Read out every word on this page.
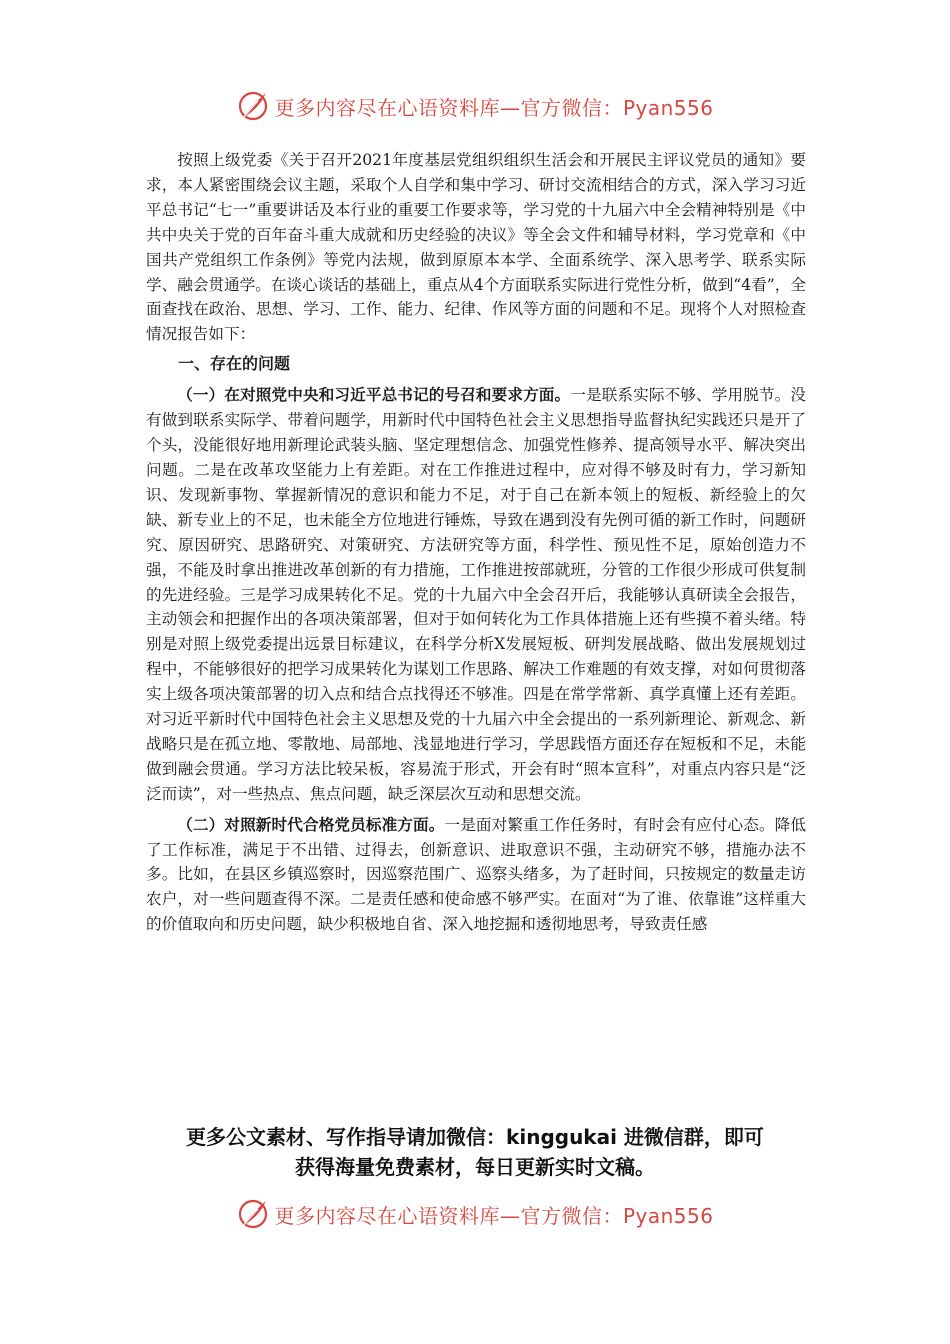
更多内容尽在心语资料库—官方微信：Pyan556

按照上级党委《关于召开2021年度基层党组织组织生活会和开展民主评议党员的通知》要求，本人紧密围绕会议主题，采取个人自学和集中学习、研讨交流相结合的方式，深入学习习近平总书记“七一”重要讲话及本行业的重要工作要求等，学习党的十九届六中全会精神特别是《中共中央关于党的百年奋斗重大成就和历史经验的决议》等全会文件和辅导材料，学习党章和《中国共产党组织工作条例》等党内法规，做到原原本本学、全面系统学、深入思考学、联系实际学、融会贯通学。在谈心谈话的基础上，重点从4个方面联系实际进行党性分析，做到“4看”，全面查找在政治、思想、学习、工作、能力、纪律、作风等方面的问题和不足。现将个人对照检查情况报告如下：

一、存在的问题

（一）在对照党中央和习近平总书记的号召和要求方面。一是联系实际不够、学用脱节。没有做到联系实际学、带着问题学，用新时代中国特色社会主义思想指导监督执纪实践还只是开了个头，没能很好地用新理论武装头脑、坚定理想信念、加强党性修养、提高领导水平、解决突出问题。二是在改革攻坚能力上有差距。对在工作推进过程中，应对得不够及时有力，学习新知识、发现新事物、掌握新情况的意识和能力不足，对于自己在新本领上的短板、新经验上的欠缺、新专业上的不足，也未能全方位地进行锤炼，导致在遇到没有先例可循的新工作时，问题研究、原因研究、思路研究、对策研究、方法研究等方面，科学性、预见性不足，原始创造力不强，不能及时拿出推进改革创新的有力措施，工作推进按部就班，分管的工作很少形成可供复制的先进经验。三是学习成果转化不足。党的十九届六中全会召开后，我能够认真研读全会报告，主动领会和把握作出的各项决策部署，但对于如何转化为工作具体措施上还有些摸不着头绪。特别是对照上级党委提出远景目标建议，在科学分析X发展短板、研判发展战略、做出发展规划过程中，不能够很好的把学习成果转化为谋划工作思路、解决工作难题的有效支撑，对如何贯彻落实上级各项决策部署的切入点和结合点找得还不够准。四是在常学常新、真学真懂上还有差距。对习近平新时代中国特色社会主义思想及党的十九届六中全会提出的一系列新理论、新观念、新战略只是在孤立地、零散地、局部地、浅显地进行学习，学思践悟方面还存在短板和不足，未能做到融会贯通。学习方法比较呆板，容易流于形式，开会有时“照本宣科”，对重点内容只是“泛泛而读”，对一些热点、焦点问题，缺乏深层次互动和思想交流。

（二）对照新时代合格党员标准方面。一是面对繁重工作任务时，有时会有应付心态。降低了工作标准，满足于不出错、过得去，创新意识、进取意识不强，主动研究不够，措施办法不多。比如，在县区乡镇巡察时，因巡察范围广、巡察头绪多，为了赶时间，只按规定的数量走访农户，对一些问题查得不深。二是责任感和使命感不够严实。在面对“为了谁、依靠谁”这样重大的价值取向和历史问题，缺少积极地自省、深入地挖掘和透彻地思考，导致责任感

更多公文素材、写作指导请加微信：kinggukai 进微信群，即可
获得海量免费素材，每日更新实时文稿。
更多内容尽在心语资料库—官方微信：Pyan556
